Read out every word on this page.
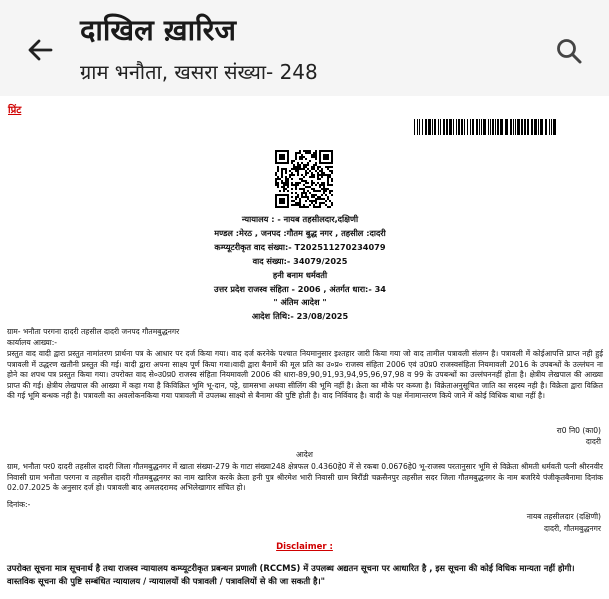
दाखिल ख़ारिज
ग्राम भनौता, खसरा संख्या- 248
प्रिंट
न्यायालय : - नायब तहसीलदार,दक्षिणी
मण्डल :मेरठ , जनपद :गौतम बुद्ध नगर , तहसील :दादरी
कम्प्यूटरीकृत वाद संख्या:- T202511270234079
वाद संख्या:- 34079/2025
हनी बनाम धर्मवती
उत्तर प्रदेश राजस्व संहिता - 2006 , अंतर्गत धारा:- 34
" अंतिम आदेश "
आदेश तिथि:- 23/08/2025
ग्राम- भनौता परगना दादरी तहसील दादरी जनपद गौतमबुद्धनगर
कार्यालय आख्या:-
प्रस्तुत वाद वादी द्वारा प्रस्तुत नामांतरण प्रार्थना पत्र के आधार पर दर्ज किया गया। वाद दर्ज करनेके पश्चात नियमानुसार इश्तहार जारी किया गया जो वाद तामील पत्रावली संलग्न है। पत्रावली में कोईआपत्ति प्राप्त नही हुई पत्रावली में उद्धरण खतौनी प्रस्तुत की गई। वादी द्वारा अपना साक्ष्य पूर्ण किया गया।वादी द्वारा बैनामें की मूल प्रति का उ०प्र० राजस्व संहिता 2006 एवं उ0प्र0 राजस्वसंहिता नियमावली 2016 के उपबन्धों के उल्लंघन ना होने का शपथ पत्र प्रस्तुत किया गया। उपरोक्त वाद से०उ0प्र0 राजस्व संहिता नियमावली 2006 की धारा-89,90,91,93,94,95,96,97,98 व 99 के उपबन्धों का उल्लंघननहीं होता है। क्षेत्रीय लेखपाल की आख्या प्राप्त की गई। क्षेत्रीय लेखपाल की आख्या में कहा गया है किविक्रित भूमि भू-दान, पट्टे, ग्रामसभा अथवा सीलिंग की भूमि नहीं है। क्रेता का मौके पर कब्जा है। विक्रेताअनुसूचित जाति का सदस्य नही है। विक्रेता द्वारा विक्रित की गई भूमि बन्धक नही है। पत्रावली का अवलोकनकिया गया पत्रावली में उपलब्ध साक्ष्यो से बैनामा की पुष्टि होती है। वाद निर्विवाद है। वादी के पक्ष मेंनामान्तरण किये जाने में कोई विधिक बाधा नहीं है।
रा0 नि0 (का0)
दादरी
आदेश
ग्राम, भनौता पर0 दादरी तहसील दादरी जिला गौतमबुद्धनगर में खाता संख्या-279 के गाटा संख्या248 क्षेत्रफल 0.4360हे0 में से रकबा 0.0676हे0 भू-राजस्व परतानुसार भूमि से विक्रेता श्रीमती धर्मवती पत्नी श्रीरनवीर निवासी ग्राम भनौता परगना व तहसील दादरी गौतमबुद्धनगर का नाम खारिज करके क्रेता हनी पुत्र श्रीरमेश भारी निवासी ग्राम बिरौंडी चक्रसैनपुर तहसील सदर जिला गौतमबुद्धनगर के नाम बजरिये पंजीकृतबैनामा दिनांक 02.07.2025 के अनुसार दर्ज हो। पत्रावली बाद अमलदरामद अभिलेखागार संचित हो।
दिनांक:-
नायब तहसीलदार (दक्षिणी)
दादरी, गौतमबुद्धनगर
Disclaimer :
उपरोक्त सूचना मात्र सूचनार्थ है तथा राजस्व न्यायालय कम्प्यूटरीकृत प्रबन्धन प्रणाली (RCCMS) में उपलब्ध अद्यतन सूचना पर आधारित है , इस सूचना की कोई विधिक मान्यता नहीं होगी। वास्तविक सूचना की पुष्टि सम्बंधित न्यायालय / न्यायालयों की पत्रावली / पत्रावलियों से की जा सकती है।"
